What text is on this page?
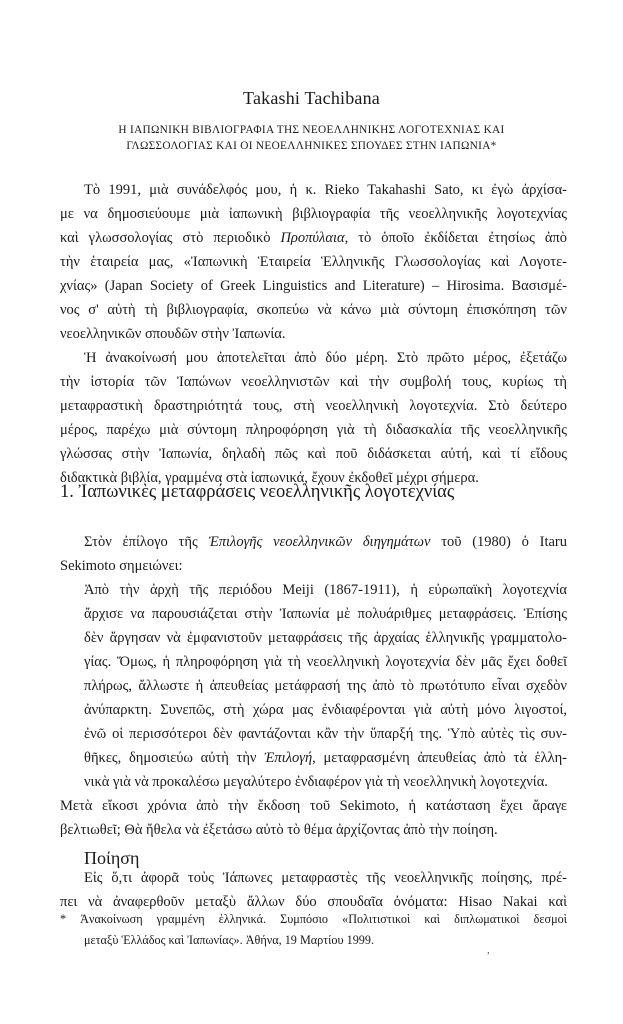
Takashi Tachibana
Η ΙΑΠΩΝΙΚΗ ΒΙΒΛΙΟΓΡΑΦΙΑ ΤΗΣ ΝΕΟΕΛΛΗΝΙΚΗΣ ΛΟΓΟΤΕΧΝΙΑΣ ΚΑΙ
ΓΛΩΣΣΟΛΟΓΙΑΣ ΚΑΙ ΟΙ ΝΕΟΕΛΛΗΝΙΚΕΣ ΣΠΟΥΔΕΣ ΣΤΗΝ ΙΑΠΩΝΙΑ*
Τὸ 1991, μιὰ συνάδελφός μου, ἡ κ. Rieko Takahashi Sato, κι ἐγὼ ἀρχίσα-
με να δημοσιεύουμε μιὰ ἰαπωνικὴ βιβλιογραφία τῆς νεοελληνικῆς λογοτεχνίας
καὶ γλωσσολογίας στὸ περιοδικὸ Προπύλαια, τὸ ὁποῖο ἐκδίδεται ἐτησίως ἀπὸ
τὴν ἑταιρεία μας, «Ἰαπωνικὴ Ἑταιρεία Ἑλληνικῆς Γλωσσολογίας καὶ Λογοτε-
χνίας» (Japan Society of Greek Linguistics and Literature) – Hirosima. Βασισμέ-
νος σ' αὐτὴ τὴ βιβλιογραφία, σκοπεύω νὰ κάνω μιὰ σύντομη ἐπισκόπηση τῶν
νεοελληνικῶν σπουδῶν στὴν Ἰαπωνία.
Ἡ ἀνακοίνωσή μου ἀποτελεῖται ἀπὸ δύο μέρη. Στὸ πρῶτο μέρος, ἐξετάζω
τὴν ἱστορία τῶν Ἰαπώνων νεοελληνιστῶν καὶ τὴν συμβολή τους, κυρίως τὴ
μεταφραστικὴ δραστηριότητά τους, στὴ νεοελληνικὴ λογοτεχνία. Στὸ δεύτερο
μέρος, παρέχω μιὰ σύντομη πληροφόρηση γιὰ τὴ διδασκαλία τῆς νεοελληνικῆς
γλώσσας στὴν Ἰαπωνία, δηλαδὴ πῶς καὶ ποῦ διδάσκεται αὐτή, καὶ τί εἴδους
διδακτικὰ βιβλία, γραμμένα στὰ ἰαπωνικά, ἔχουν ἐκδοθεῖ μέχρι σήμερα.
1. Ἰαπωνικὲς μεταφράσεις νεοελληνικῆς λογοτεχνίας
Στὸν ἐπίλογο τῆς Ἐπιλογῆς νεοελληνικῶν διηγημάτων τοῦ (1980) ὁ Itaru
Sekimoto σημειώνει:
Ἀπὸ τὴν ἀρχὴ τῆς περιόδου Meiji (1867-1911), ἡ εὐρωπαϊκὴ λογοτεχνία
ἄρχισε να παρουσιάζεται στὴν Ἰαπωνία μὲ πολυάριθμες μεταφράσεις. Ἐπίσης
δὲν ἄργησαν νὰ ἐμφανιστοῦν μεταφράσεις τῆς ἀρχαίας ἑλληνικῆς γραμματολο-
γίας. Ὅμως, ἡ πληροφόρηση γιὰ τὴ νεοελληνικὴ λογοτεχνία δὲν μᾶς ἔχει δοθεῖ
πλήρως, ἄλλωστε ἡ ἀπευθείας μετάφρασή της ἀπὸ τὸ πρωτότυπο εἶναι σχεδὸν
ἀνύπαρκτη. Συνεπῶς, στὴ χώρα μας ἐνδιαφέρονται γιὰ αὐτὴ μόνο λιγοστοί,
ἐνῶ οἱ περισσότεροι δὲν φαντάζονται κἂν τὴν ὕπαρξή της. Ὑπὸ αὐτὲς τὶς συν-
θῆκες, δημοσιεύω αὐτὴ τὴν Ἐπιλογή, μεταφρασμένη ἀπευθείας ἀπὸ τὰ ἑλλη-
νικὰ γιὰ νὰ προκαλέσω μεγαλύτερο ἐνδιαφέρον γιὰ τὴ νεοελληνικὴ λογοτεχνία.
Μετὰ εἴκοσι χρόνια ἀπὸ τὴν ἔκδοση τοῦ Sekimoto, ἡ κατάσταση ἔχει ἄραγε
βελτιωθεῖ; Θὰ ἤθελα νὰ ἐξετάσω αὐτὸ τὸ θέμα ἀρχίζοντας ἀπὸ τὴν ποίηση.
Ποίηση
Εἰς ὅ,τι ἀφορᾶ τοὺς Ἰάπωνες μεταφραστὲς τῆς νεοελληνικῆς ποίησης, πρέ-
πει νὰ ἀναφερθοῦν μεταξὺ ἄλλων δύο σπουδαῖα ὀνόματα: Hisao Nakai καὶ
* Ἀνακοίνωση γραμμένη ἑλληνικά. Συμπόσιο «Πολιτιστικοὶ καὶ διπλωματικοὶ δεσμοὶ
μεταξὺ Ἑλλάδος καὶ Ἰαπωνίας». Ἀθήνα, 19 Μαρτίου 1999.
,
